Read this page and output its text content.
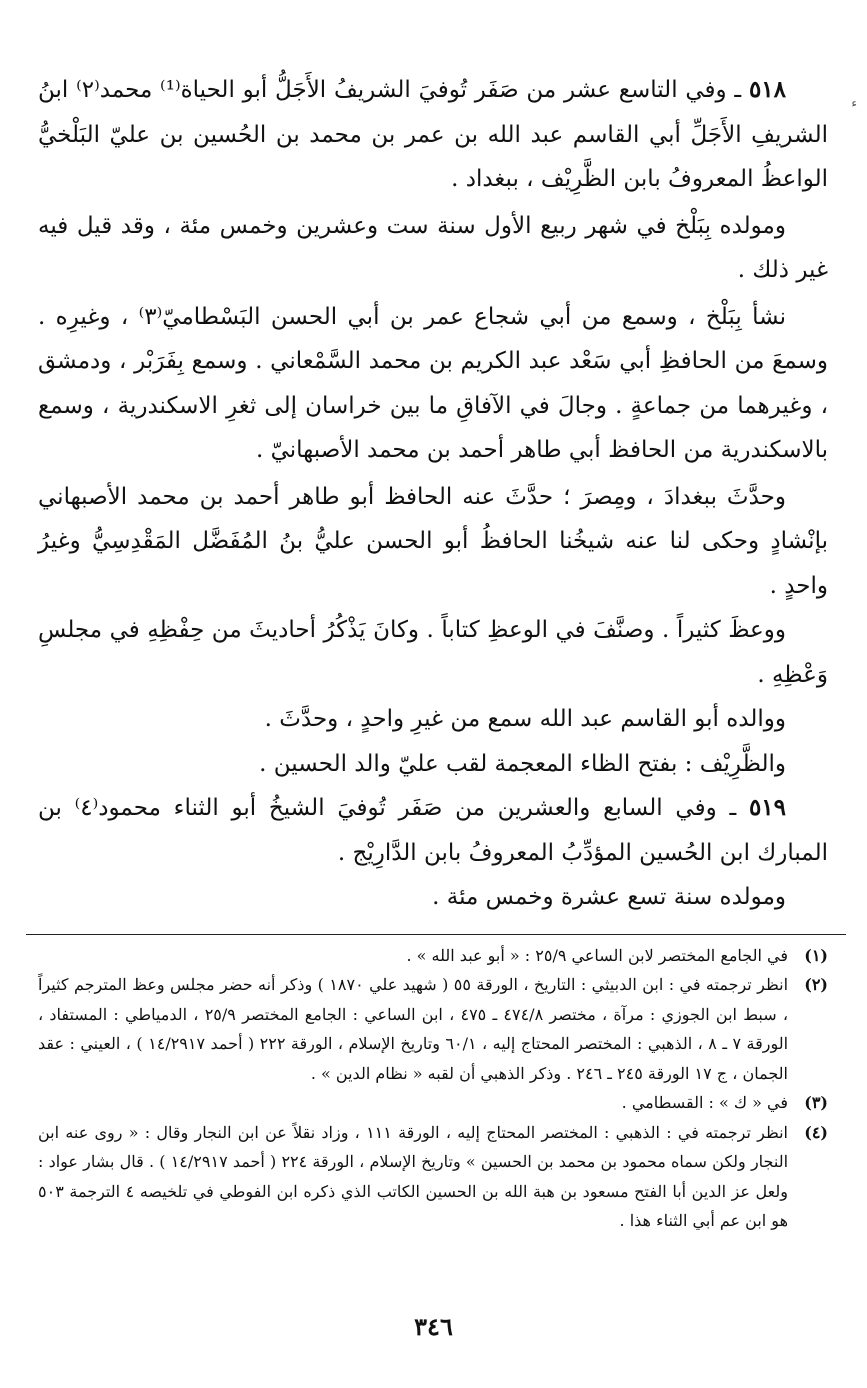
٥١٨ ـ وفي التاسع عشر من صَفَر تُوفيَ الشريفُ الأَجَلُّ أبو الحياة⁽¹⁾ محمد⁽٢⁾ ابنُ الشريفِ الأَجَلِّ أبي القاسم عبد الله بن عمر بن محمد بن الحُسين بن عليّ البَلْخيُّ الواعظُ المعروفُ بابن الظَّرِيْف ، ببغداد .

ومولده بِبَلْخ في شهر ربيع الأول سنة ست وعشرين وخمس مئة ، وقد قيل فيه غير ذلك .

نشأ بِبَلْخ ، وسمع من أبي شجاع عمر بن أبي الحسن البَسْطاميّ⁽٣⁾ ، وغيرِه . وسمعَ من الحافظِ أبي سَعْد عبد الكريم بن محمد السَّمْعاني . وسمع بِفَرَبْر ، ودمشق ، وغيرهما من جماعةٍ . وجالَ في الآفاقِ ما بين خراسان إلى ثغرِ الاسكندرية ، وسمع بالاسكندرية من الحافظ أبي طاهر أحمد بن محمد الأصبهانيّ .

وحدَّثَ ببغدادَ ، ومِصرَ ؛ حدَّثَ عنه الحافظ أبو طاهر أحمد بن محمد الأصبهاني بإنْشادٍ وحكى لنا عنه شيخُنا الحافظُ أبو الحسن عليُّ بنُ المُفَضَّل المَقْدِسِيُّ وغيرُ واحدٍ .

ووعظَ كثيراً . وصنَّفَ في الوعظِ كتاباً . وكانَ يَذْكُرُ أحاديثَ من حِفْظِهِ في مجلسِ وَعْظِهِ .

ووالده أبو القاسم عبد الله سمع من غيرِ واحدٍ ، وحدَّثَ .

والظَّرِيْف : بفتح الظاء المعجمة لقب عليّ والد الحسين .

٥١٩ ـ وفي السابع والعشرين من صَفَر تُوفيَ الشيخُ أبو الثناء محمود⁽٤⁾ بن المبارك ابن الحُسين المؤدِّبُ المعروفُ بابن الدَّارِيْج .

ومولده سنة تسع عشرة وخمس مئة .

(١)
في الجامع المختصر لابن الساعي ٢٥/٩ : « أبو عبد الله » .

(٢)
انظر ترجمته في : ابن الدبيثي : التاريخ ، الورقة ٥٥ ( شهيد علي ١٨٧٠ ) وذكر أنه حضر مجلس وعظ المترجم كثيراً ، سبط ابن الجوزي : مرآة ، مختصر ٤٧٤/٨ ـ ٤٧٥ ، ابن الساعي : الجامع المختصر ٢٥/٩ ، الدمياطي : المستفاد ، الورقة ٧ ـ ٨ ، الذهبي : المختصر المحتاج إليه ، ٦٠/١ وتاريخ الإسلام ، الورقة ٢٢٢ ( أحمد ١٤/٢٩١٧ ) ، العيني : عقد الجمان ، ج ١٧ الورقة ٢٤٥ ـ ٢٤٦ . وذكر الذهبي أن لقبه « نظام الدين » .

(٣)
في « ك » : القسطامي .

(٤)
انظر ترجمته في : الذهبي : المختصر المحتاج إليه ، الورقة ١١١ ، وزاد نقلاً عن ابن النجار وقال : « روى عنه ابن النجار ولكن سماه محمود بن محمد بن الحسين » وتاريخ الإسلام ، الورقة ٢٢٤ ( أحمد ١٤/٢٩١٧ ) . قال بشار عواد : ولعل عز الدين أبا الفتح مسعود بن هبة الله بن الحسين الكاتب الذي ذكره ابن الفوطي في تلخيصه ٤ الترجمة ٥٠٣ هو ابن عم أبي الثناء هذا .

٣٤٦
ﺀ
